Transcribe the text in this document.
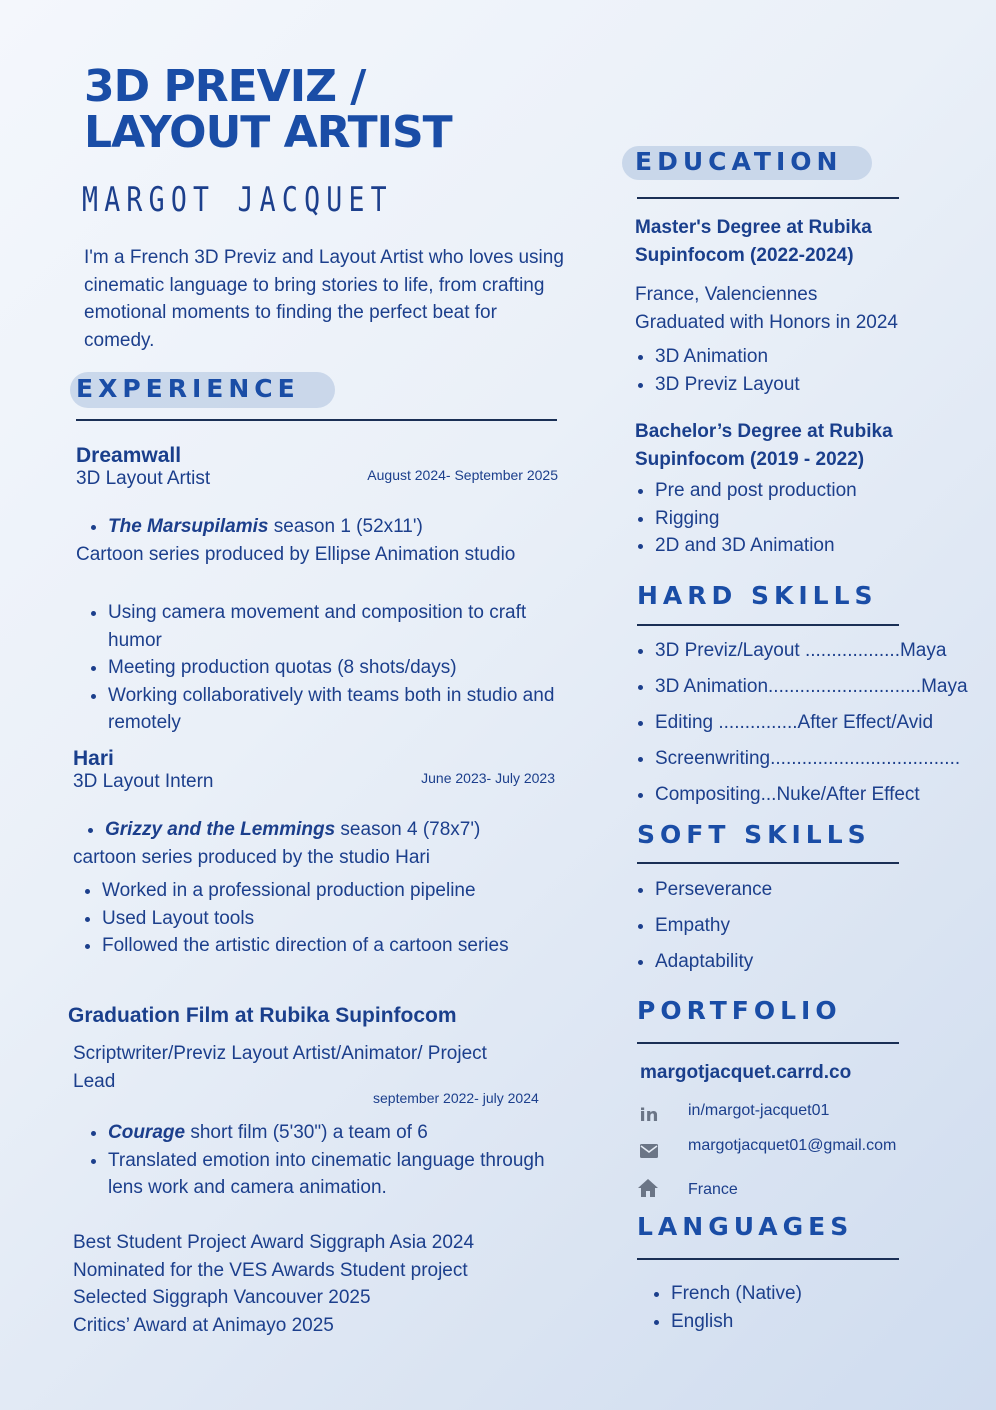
3D PREVIZ /
LAYOUT ARTIST
MARGOT JACQUET
I'm a French 3D Previz and Layout Artist who loves using cinematic language to bring stories to life, from crafting emotional moments to finding the perfect beat for comedy.
EXPERIENCE
Dreamwall
3D Layout Artist	August 2024- September 2025
• The Marsupilamis season 1 (52x11')
Cartoon series produced by Ellipse Animation studio
• Using camera movement and composition to craft humor
• Meeting production quotas (8 shots/days)
• Working collaboratively with teams both in studio and remotely
Hari
3D Layout Intern	June 2023- July 2023
• Grizzy and the Lemmings season 4 (78x7')
cartoon series produced by the studio Hari
• Worked in a professional production pipeline
• Used Layout tools
• Followed the artistic direction of a cartoon series
Graduation Film at Rubika Supinfocom
Scriptwriter/Previz Layout Artist/Animator/ Project Lead
september 2022- july 2024
• Courage short film (5'30") a team of 6
• Translated emotion into cinematic language through lens work and camera animation.
Best Student Project Award Siggraph Asia 2024
Nominated for the VES Awards Student project
Selected Siggraph Vancouver 2025
Critics’ Award at Animayo 2025
EDUCATION
Master's Degree at Rubika Supinfocom (2022-2024)
France, Valenciennes
Graduated with Honors in 2024
• 3D Animation
• 3D Previz Layout
Bachelor’s Degree at Rubika Supinfocom (2019 - 2022)
• Pre and post production
• Rigging
• 2D and 3D Animation
HARD SKILLS
• 3D Previz/Layout ..................Maya
• 3D Animation.............................Maya
• Editing ...............After Effect/Avid
• Screenwriting....................................
• Compositing...Nuke/After Effect
SOFT SKILLS
• Perseverance
• Empathy
• Adaptability
PORTFOLIO
margotjacquet.carrd.co
in in/margot-jacquet01
margotjacquet01@gmail.com
France
LANGUAGES
• French (Native)
• English
